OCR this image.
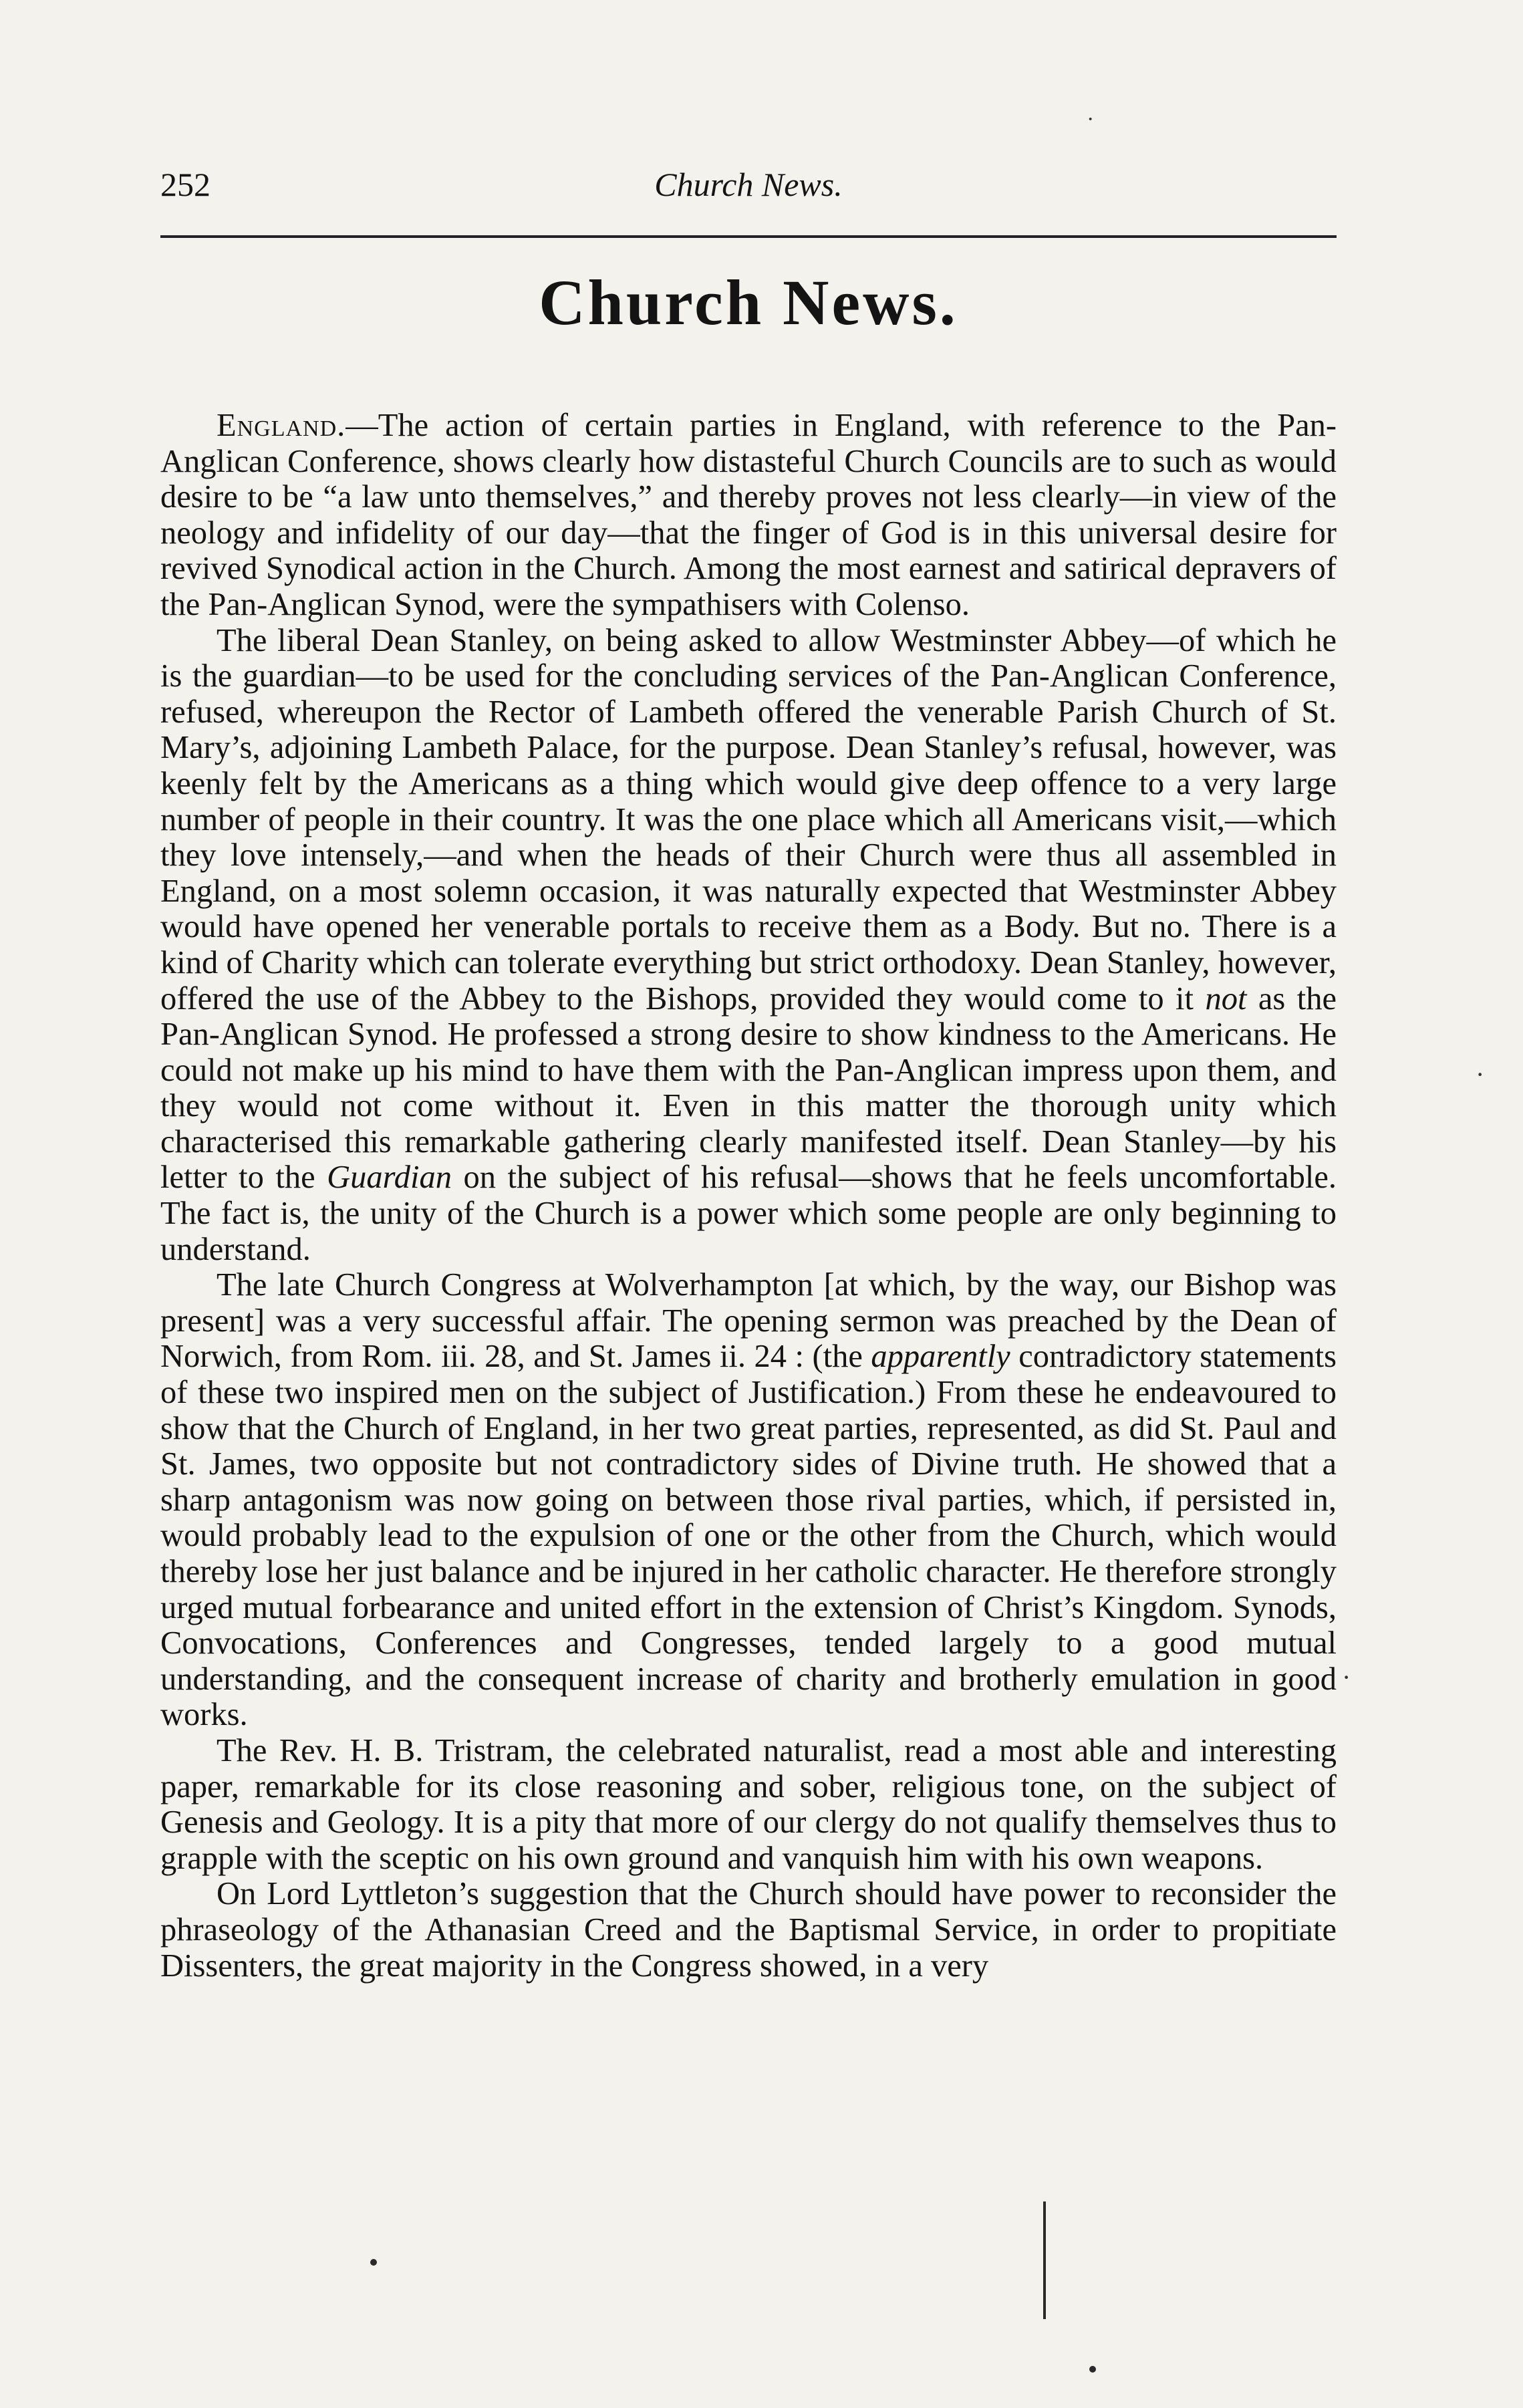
252	Church News.
Church News.

England.—The action of certain parties in England, with reference to the Pan-Anglican Conference, shows clearly how distasteful Church Councils are to such as would desire to be “a law unto themselves,” and thereby proves not less clearly—in view of the neology and infidelity of our day—that the finger of God is in this universal desire for revived Synodical action in the Church. Among the most earnest and satirical depravers of the Pan-Anglican Synod, were the sympathisers with Colenso.

The liberal Dean Stanley, on being asked to allow Westminster Abbey—of which he is the guardian—to be used for the concluding services of the Pan-Anglican Conference, refused, whereupon the Rector of Lambeth offered the venerable Parish Church of St. Mary’s, adjoining Lambeth Palace, for the purpose. Dean Stanley’s refusal, however, was keenly felt by the Americans as a thing which would give deep offence to a very large number of people in their country. It was the one place which all Americans visit,—which they love intensely,—and when the heads of their Church were thus all assembled in England, on a most solemn occasion, it was naturally expected that Westminster Abbey would have opened her venerable portals to receive them as a Body. But no. There is a kind of Charity which can tolerate everything but strict orthodoxy. Dean Stanley, however, offered the use of the Abbey to the Bishops, provided they would come to it not as the Pan-Anglican Synod. He professed a strong desire to show kindness to the Americans. He could not make up his mind to have them with the Pan-Anglican impress upon them, and they would not come without it. Even in this matter the thorough unity which characterised this remarkable gathering clearly manifested itself. Dean Stanley—by his letter to the Guardian on the subject of his refusal—shows that he feels uncomfortable. The fact is, the unity of the Church is a power which some people are only beginning to understand.

The late Church Congress at Wolverhampton [at which, by the way, our Bishop was present] was a very successful affair. The opening sermon was preached by the Dean of Norwich, from Rom. iii. 28, and St. James ii. 24 : (the apparently contradictory statements of these two inspired men on the subject of Justification.) From these he endeavoured to show that the Church of England, in her two great parties, represented, as did St. Paul and St. James, two opposite but not contradictory sides of Divine truth. He showed that a sharp antagonism was now going on between those rival parties, which, if persisted in, would probably lead to the expulsion of one or the other from the Church, which would thereby lose her just balance and be injured in her catholic character. He therefore strongly urged mutual forbearance and united effort in the extension of Christ’s Kingdom. Synods, Convocations, Conferences and Congresses, tended largely to a good mutual understanding, and the consequent increase of charity and brotherly emulation in good works.

The Rev. H. B. Tristram, the celebrated naturalist, read a most able and interesting paper, remarkable for its close reasoning and sober, religious tone, on the subject of Genesis and Geology. It is a pity that more of our clergy do not qualify themselves thus to grapple with the sceptic on his own ground and vanquish him with his own weapons.

On Lord Lyttleton’s suggestion that the Church should have power to reconsider the phraseology of the Athanasian Creed and the Baptismal Service, in order to propitiate Dissenters, the great majority in the Congress showed, in a very

·
·
·
